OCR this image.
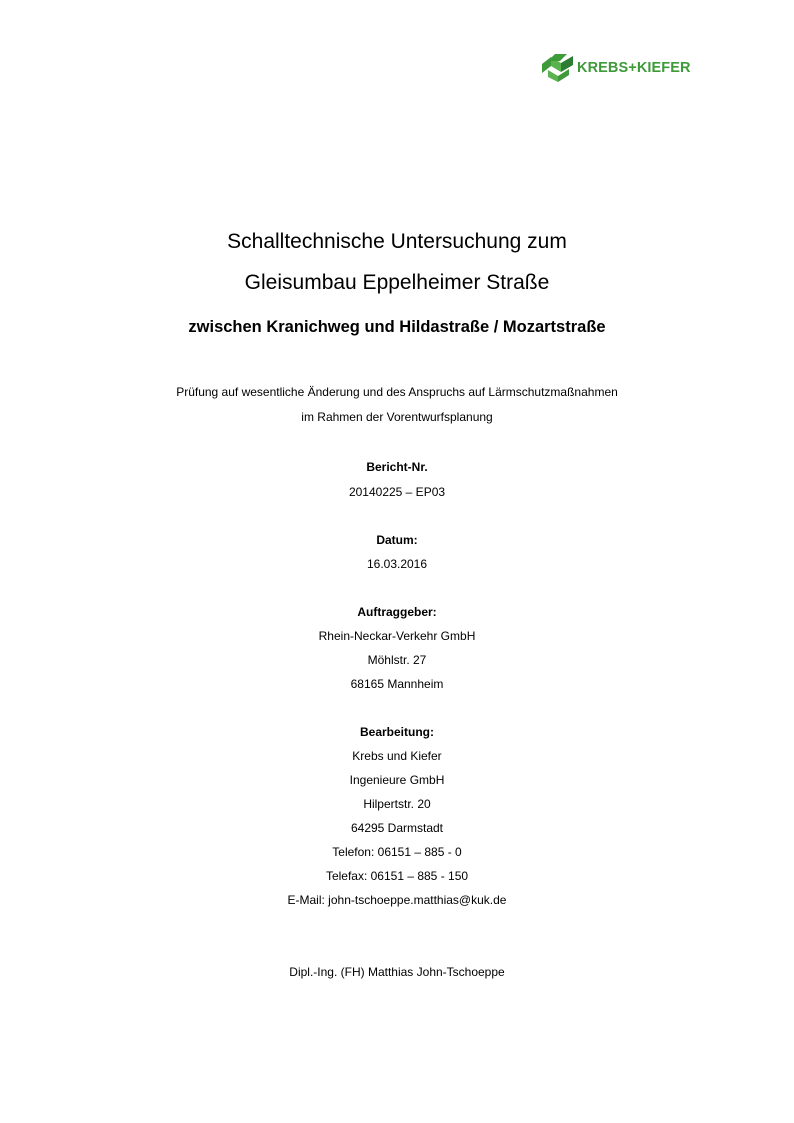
KREBS+KIEFER
Schalltechnische Untersuchung zum
Gleisumbau Eppelheimer Straße
zwischen Kranichweg und Hildastraße / Mozartstraße
Prüfung auf wesentliche Änderung und des Anspruchs auf Lärmschutzmaßnahmen
im Rahmen der Vorentwurfsplanung
Bericht-Nr.
20140225 – EP03
Datum:
16.03.2016
Auftraggeber:
Rhein-Neckar-Verkehr GmbH
Möhlstr. 27
68165 Mannheim
Bearbeitung:
Krebs und Kiefer
Ingenieure GmbH
Hilpertstr. 20
64295 Darmstadt
Telefon: 06151 – 885 - 0
Telefax: 06151 – 885 - 150
E-Mail: john-tschoeppe.matthias@kuk.de
Dipl.-Ing. (FH) Matthias John-Tschoeppe
